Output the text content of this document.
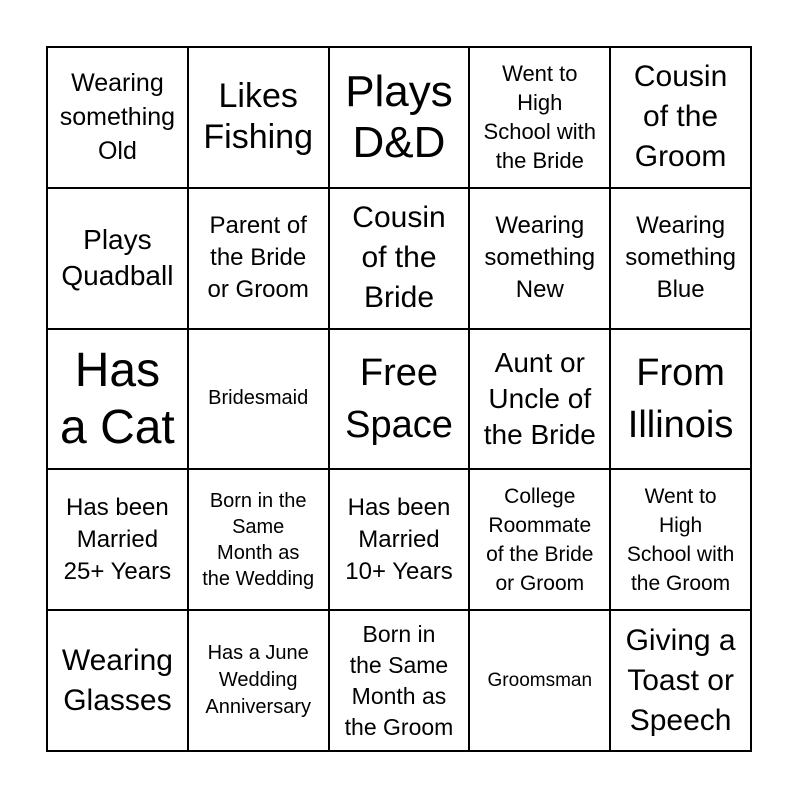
Wearing
something
Old
Likes
Fishing
Plays
D&D
Went to
High
School with
the Bride
Cousin
of the
Groom
Plays
Quadball
Parent of
the Bride
or Groom
Cousin
of the
Bride
Wearing
something
New
Wearing
something
Blue
Has
a Cat
Bridesmaid
Free
Space
Aunt or
Uncle of
the Bride
From
Illinois
Has been
Married
25+ Years
Born in the
Same
Month as
the Wedding
Has been
Married
10+ Years
College
Roommate
of the Bride
or Groom
Went to
High
School with
the Groom
Wearing
Glasses
Has a June
Wedding
Anniversary
Born in
the Same
Month as
the Groom
Groomsman
Giving a
Toast or
Speech
